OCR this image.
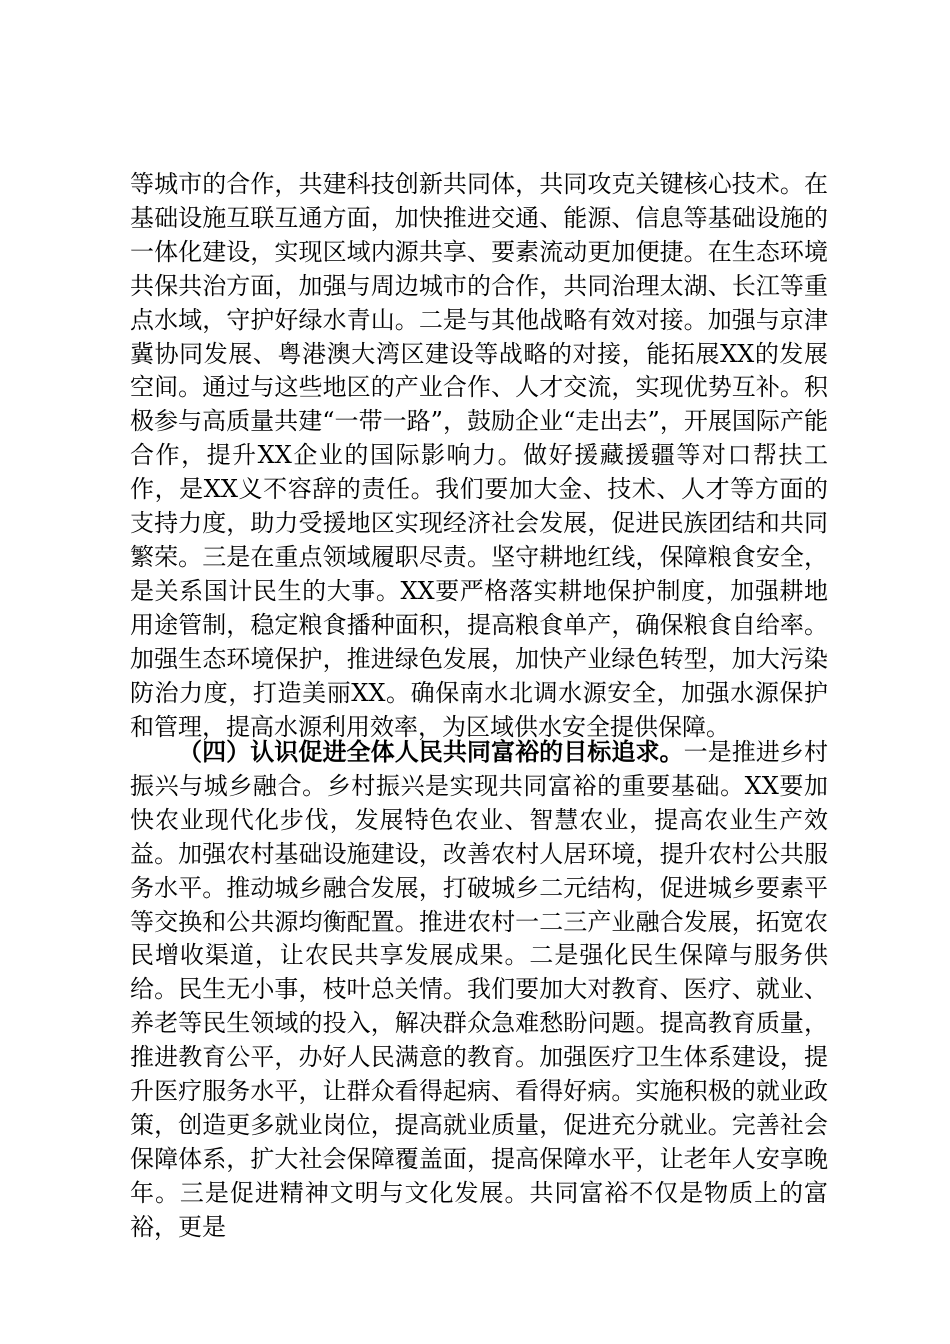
等城市的合作，共建科技创新共同体，共同攻克关键核心技术。在基础设施互联互通方面，加快推进交通、能源、信息等基础设施的一体化建设，实现区域内源共享、要素流动更加便捷。在生态环境共保共治方面，加强与周边城市的合作，共同治理太湖、长江等重点水域，守护好绿水青山。二是与其他战略有效对接。加强与京津冀协同发展、粤港澳大湾区建设等战略的对接，能拓展XX的发展空间。通过与这些地区的产业合作、人才交流，实现优势互补。积极参与高质量共建“一带一路”，鼓励企业“走出去”，开展国际产能合作，提升XX企业的国际影响力。做好援藏援疆等对口帮扶工作，是XX义不容辞的责任。我们要加大金、技术、人才等方面的支持力度，助力受援地区实现经济社会发展，促进民族团结和共同繁荣。三是在重点领域履职尽责。坚守耕地红线，保障粮食安全，是关系国计民生的大事。XX要严格落实耕地保护制度，加强耕地用途管制，稳定粮食播种面积，提高粮食单产，确保粮食自给率。加强生态环境保护，推进绿色发展，加快产业绿色转型，加大污染防治力度，打造美丽XX。确保南水北调水源安全，加强水源保护和管理，提高水源利用效率，为区域供水安全提供保障。

（四）认识促进全体人民共同富裕的目标追求。一是推进乡村振兴与城乡融合。乡村振兴是实现共同富裕的重要基础。XX要加快农业现代化步伐，发展特色农业、智慧农业，提高农业生产效益。加强农村基础设施建设，改善农村人居环境，提升农村公共服务水平。推动城乡融合发展，打破城乡二元结构，促进城乡要素平等交换和公共源均衡配置。推进农村一二三产业融合发展，拓宽农民增收渠道，让农民共享发展成果。二是强化民生保障与服务供给。民生无小事，枝叶总关情。我们要加大对教育、医疗、就业、养老等民生领域的投入，解决群众急难愁盼问题。提高教育质量，推进教育公平，办好人民满意的教育。加强医疗卫生体系建设，提升医疗服务水平，让群众看得起病、看得好病。实施积极的就业政策，创造更多就业岗位，提高就业质量，促进充分就业。完善社会保障体系，扩大社会保障覆盖面，提高保障水平，让老年人安享晚年。三是促进精神文明与文化发展。共同富裕不仅是物质上的富裕，更是
